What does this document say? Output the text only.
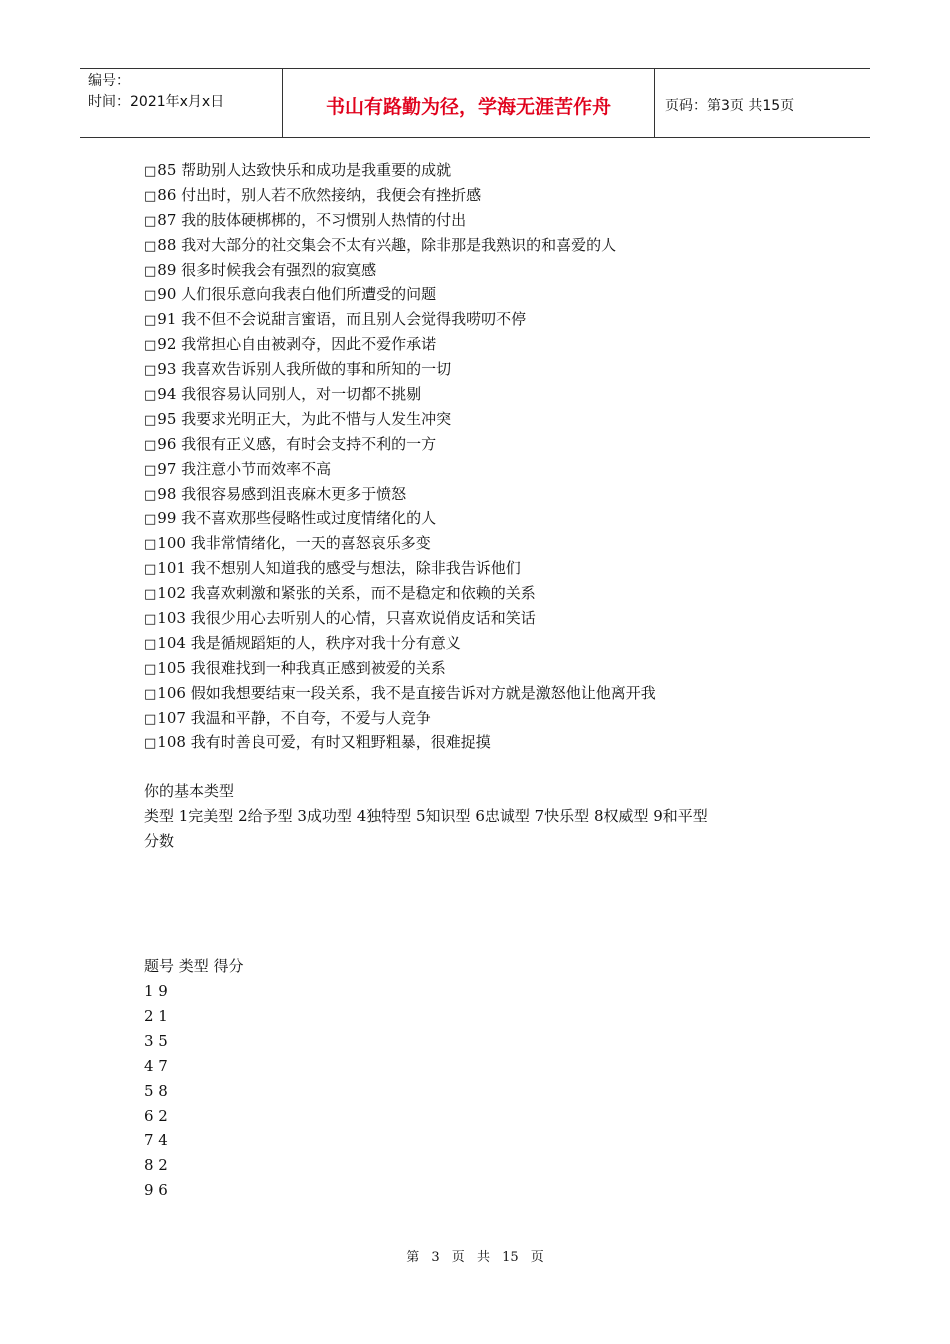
编号：
时间：2021年x月x日	书山有路勤为径，学海无涯苦作舟	页码：第3页 共15页
□85 帮助别人达致快乐和成功是我重要的成就
□86 付出时，别人若不欣然接纳，我便会有挫折感
□87 我的肢体硬梆梆的，不习惯别人热情的付出
□88 我对大部分的社交集会不太有兴趣，除非那是我熟识的和喜爱的人
□89 很多时候我会有强烈的寂寞感
□90 人们很乐意向我表白他们所遭受的问题
□91 我不但不会说甜言蜜语，而且别人会觉得我唠叨不停
□92 我常担心自由被剥夺，因此不爱作承诺
□93 我喜欢告诉别人我所做的事和所知的一切
□94 我很容易认同别人，对一切都不挑剔
□95 我要求光明正大，为此不惜与人发生冲突
□96 我很有正义感，有时会支持不利的一方
□97 我注意小节而效率不高
□98 我很容易感到沮丧麻木更多于愤怒
□99 我不喜欢那些侵略性或过度情绪化的人
□100 我非常情绪化，一天的喜怒哀乐多变
□101 我不想别人知道我的感受与想法，除非我告诉他们
□102 我喜欢刺激和紧张的关系，而不是稳定和依赖的关系
□103 我很少用心去听别人的心情，只喜欢说俏皮话和笑话
□104 我是循规蹈矩的人，秩序对我十分有意义
□105 我很难找到一种我真正感到被爱的关系
□106 假如我想要结束一段关系，我不是直接告诉对方就是激怒他让他离开我
□107 我温和平静，不自夸，不爱与人竞争
□108 我有时善良可爱，有时又粗野粗暴，很难捉摸
你的基本类型
类型 1完美型 2给予型 3成功型 4独特型 5知识型 6忠诚型 7快乐型 8权威型 9和平型
分数
题号 类型 得分
1 9
2 1
3 5
4 7
5 8
6 2
7 4
8 2
9 6
第 3 页 共 15 页
